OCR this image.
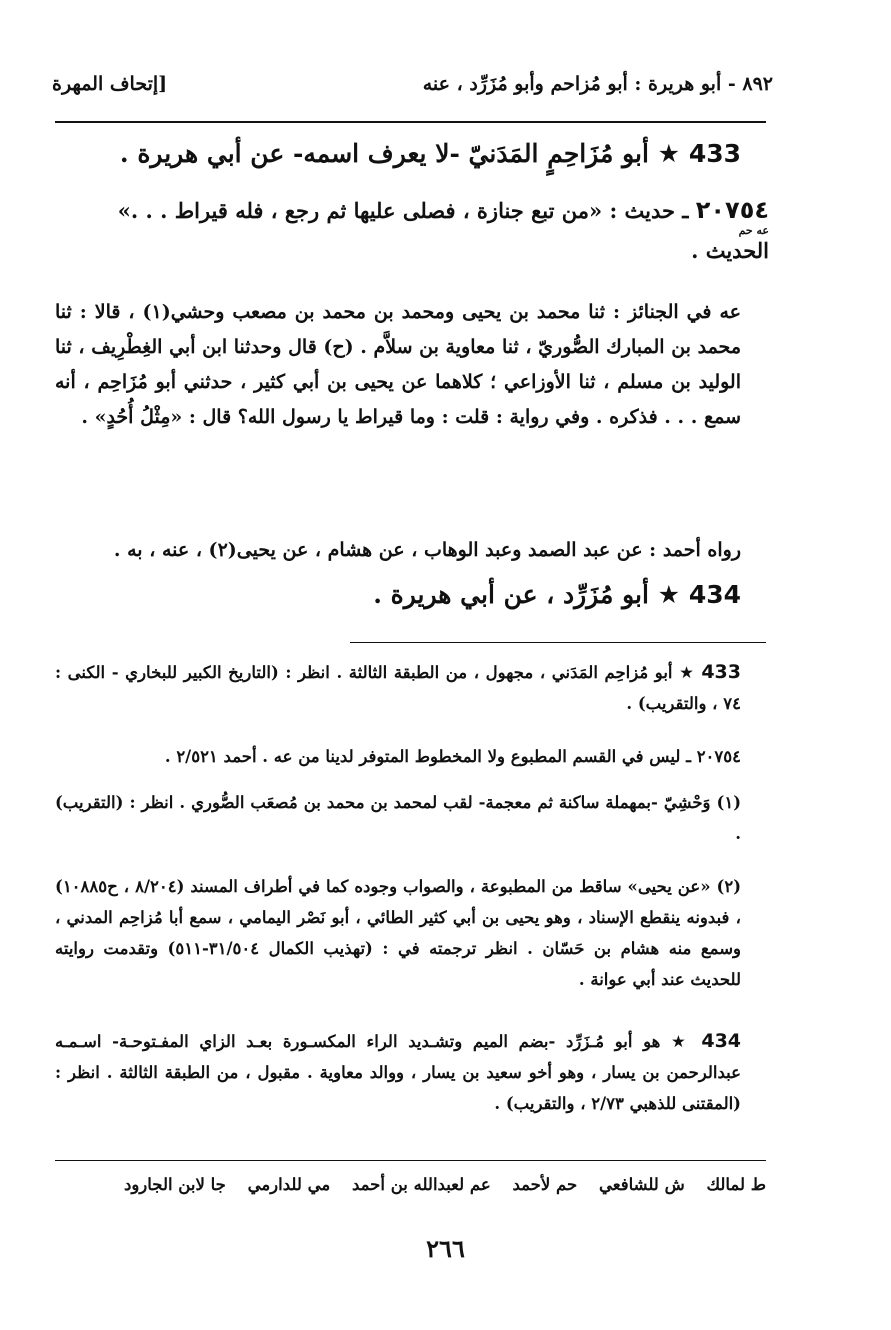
٨٩٢ - أبو هريرة : أبو مُزاحم وأبو مُزَرِّد ، عنه
[إتحاف المهرة
433 ★ أبو مُزَاحِمٍ المَدَنيّ -لا يعرف اسمه- عن أبي هريرة .
٢٠٧٥٤ ـ حديث : «من تبع جنازة ، فصلى عليها ثم رجع ، فله قيراط . . .»
عه حم
الحديث .
عه في الجنائز : ثنا محمد بن يحيى ومحمد بن محمد بن مصعب وحشي(١) ، قالا : ثنا محمد بن المبارك الصُّوريّ ، ثنا معاوية بن سلاَّم . (ح) قال وحدثنا ابن أبي الغِطْرِيف ، ثنا الوليد بن مسلم ، ثنا الأوزاعي ؛ كلاهما عن يحيى بن أبي كثير ، حدثني أبو مُزَاحِم ، أنه سمع . . . فذكره . وفي رواية : قلت : وما قيراط يا رسول الله؟ قال : «مِثْلُ أُحُدٍ» .
رواه أحمد : عن عبد الصمد وعبد الوهاب ، عن هشام ، عن يحيى(٢) ، عنه ، به .
434 ★ أبو مُزَرِّد ، عن أبي هريرة .
433 ★ أبو مُزاحِم المَدَني ، مجهول ، من الطبقة الثالثة . انظر : (التاريخ الكبير للبخاري - الكنى : ٧٤ ، والتقريب) .
٢٠٧٥٤ ـ ليس في القسم المطبوع ولا المخطوط المتوفر لدينا من عه . أحمد ٢/٥٢١ .
(١) وَحْشِيّ -بمهملة ساكنة ثم معجمة- لقب لمحمد بن محمد بن مُصعَب الصُّوري . انظر : (التقريب) .
(٢) «عن يحيى» ساقط من المطبوعة ، والصواب وجوده كما في أطراف المسند (٨/٢٠٤ ، ح١٠٨٨٥) ، فبدونه ينقطع الإسناد ، وهو يحيى بن أبي كثير الطائي ، أبو نَصْر اليمامي ، سمع أبا مُزاحِم المدني ، وسمع منه هشام بن حَسّان . انظر ترجمته في : (تهذيب الكمال ٣١/٥٠٤-٥١١) وتقدمت روايته للحديث عند أبي عوانة .
434 ★ هو أبو مُـزَرِّد -بضم الميم وتشـديد الراء المكسـورة بعـد الزاي المفـتوحـة- اسـمـه عبدالرحمن بن يسار ، وهو أخو سعيد بن يسار ، ووالد معاوية . مقبول ، من الطبقة الثالثة . انظر : (المقتنى للذهبي ٢/٧٣ ، والتقريب) .
ط لمالك ش للشافعي حم لأحمد عم لعبدالله بن أحمد مي للدارمي جا لابن الجارود
٢٦٦
